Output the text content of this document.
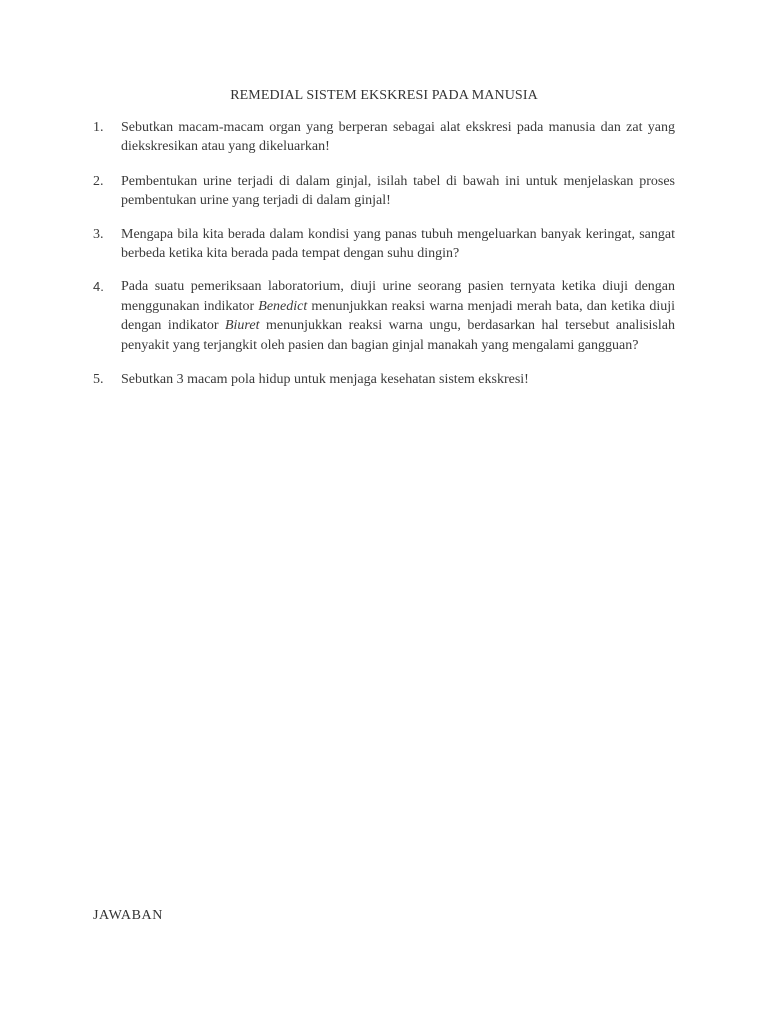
REMEDIAL SISTEM EKSKRESI PADA MANUSIA
1.	Sebutkan macam-macam organ yang berperan sebagai alat ekskresi pada manusia dan zat yang diekskresikan atau yang dikeluarkan!
2.	Pembentukan urine terjadi di dalam ginjal, isilah tabel di bawah ini untuk menjelaskan proses pembentukan urine yang terjadi di dalam ginjal!
3.	Mengapa bila kita berada dalam kondisi yang panas tubuh mengeluarkan banyak keringat, sangat berbeda ketika kita berada pada tempat dengan suhu dingin?
4.	Pada suatu pemeriksaan laboratorium, diuji urine seorang pasien ternyata ketika diuji dengan menggunakan indikator Benedict menunjukkan reaksi warna menjadi merah bata, dan ketika diuji dengan indikator Biuret menunjukkan reaksi warna ungu, berdasarkan hal tersebut analisislah penyakit yang terjangkit oleh pasien dan bagian ginjal manakah yang mengalami gangguan?
5.	Sebutkan 3 macam pola hidup untuk menjaga kesehatan sistem ekskresi!
JAWABAN
